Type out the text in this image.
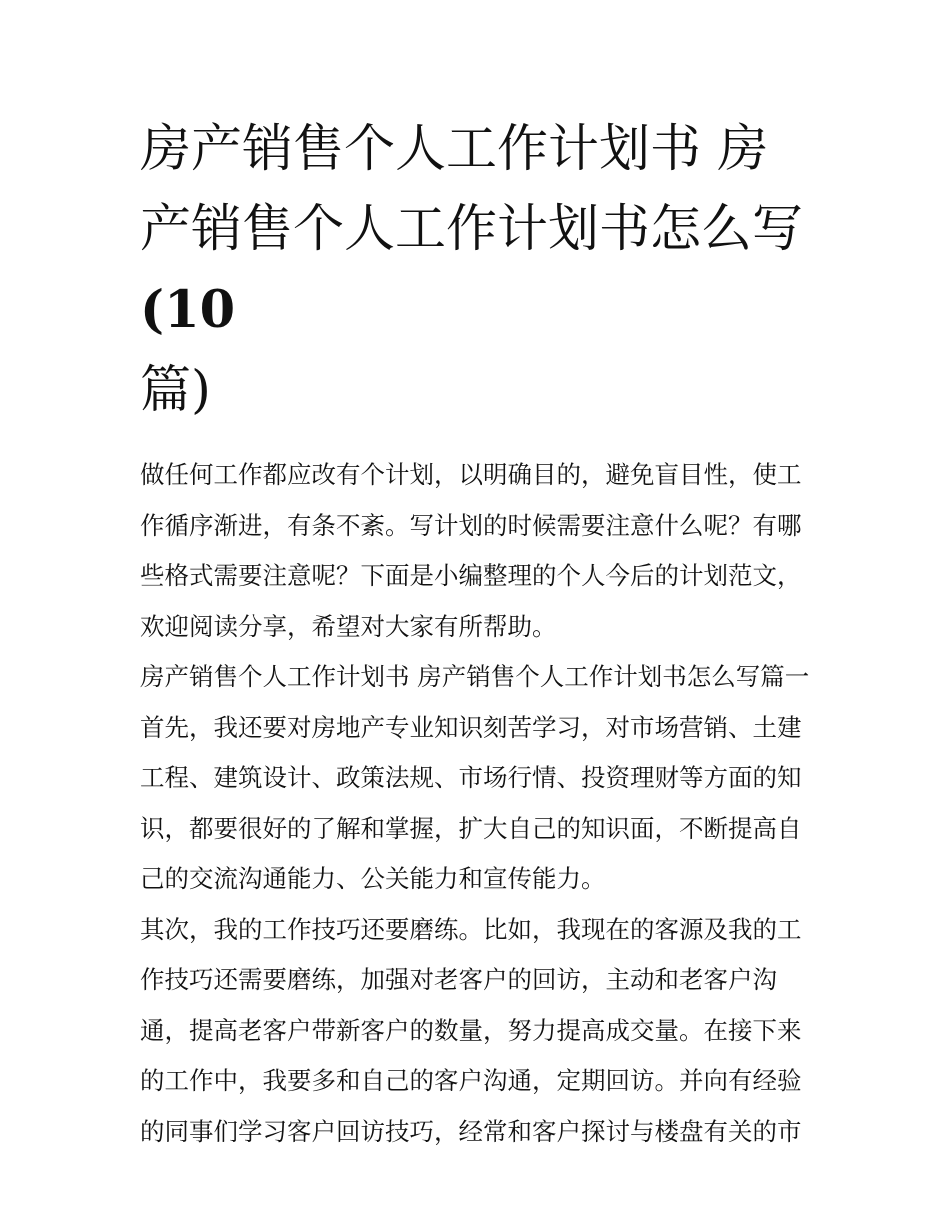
房产销售个人工作计划书 房产销售个人工作计划书怎么写(10
篇)

做任何工作都应改有个计划，以明确目的，避免盲目性，使工作循序渐进，有条不紊。写计划的时候需要注意什么呢？有哪些格式需要注意呢？下面是小编整理的个人今后的计划范文，欢迎阅读分享，希望对大家有所帮助。

房产销售个人工作计划书 房产销售个人工作计划书怎么写篇一

首先，我还要对房地产专业知识刻苦学习，对市场营销、土建工程、建筑设计、政策法规、市场行情、投资理财等方面的知识，都要很好的了解和掌握，扩大自己的知识面，不断提高自己的交流沟通能力、公关能力和宣传能力。

其次，我的工作技巧还要磨练。比如，我现在的客源及我的工作技巧还需要磨练，加强对老客户的回访，主动和老客户沟通，提高老客户带新客户的数量，努力提高成交量。在接下来的工作中，我要多和自己的客户沟通，定期回访。并向有经验的同事们学习客户回访技巧，经常和客户探讨与楼盘有关的市
